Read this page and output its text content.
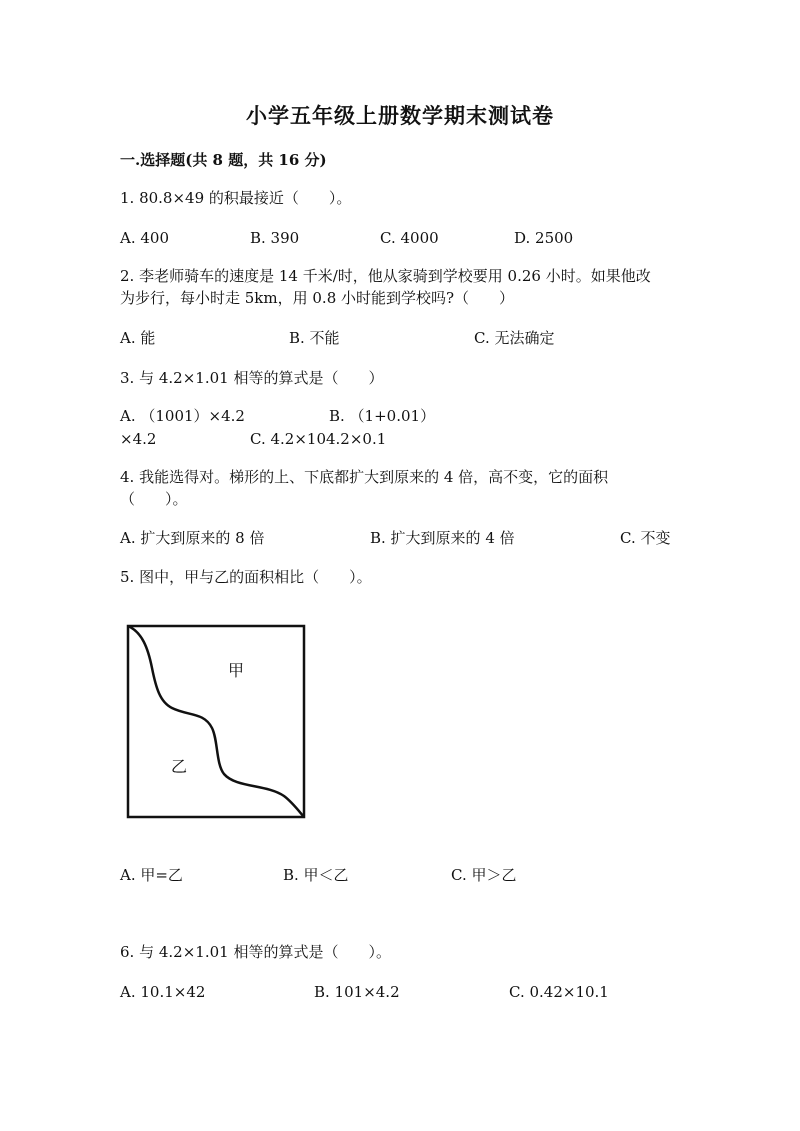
小学五年级上册数学期末测试卷
一.选择题(共 8 题，共 16 分)
1. 80.8×49 的积最接近（　　）。
A. 400	B. 390	C. 4000	D. 2500
2. 李老师骑车的速度是 14 千米/时，他从家骑到学校要用 0.26 小时。如果他改
为步行，每小时走 5km，用 0.8 小时能到学校吗?（　　）
A. 能	B. 不能	C. 无法确定
3. 与 4.2×1.01 相等的算式是（　　）
A. （1001）×4.2	B. （1+0.01）
×4.2	C. 4.2×104.2×0.1
4. 我能选得对。梯形的上、下底都扩大到原来的 4 倍，高不变，它的面积
（　　）。
A. 扩大到原来的 8 倍	B. 扩大到原来的 4 倍	C. 不变
5. 图中，甲与乙的面积相比（　　）。
甲
乙
A. 甲=乙	B. 甲＜乙	C. 甲＞乙
6. 与 4.2×1.01 相等的算式是（　　）。
A. 10.1×42	B. 101×4.2	C. 0.42×10.1
